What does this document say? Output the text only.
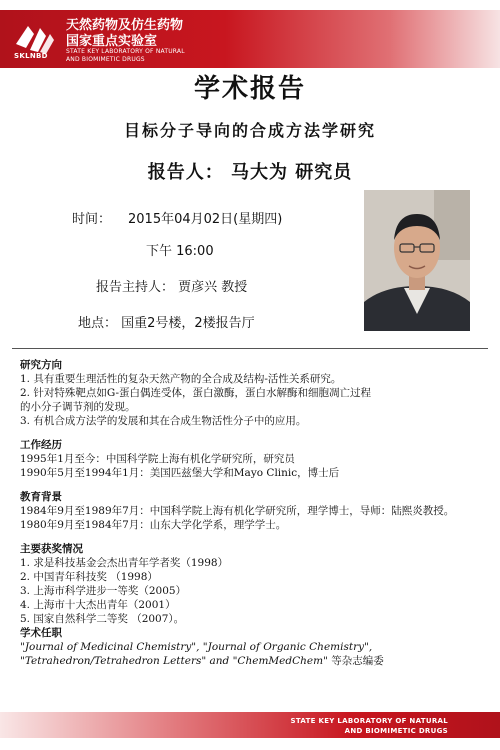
SKLNBD
天然药物及仿生药物
国家重点实验室
STATE KEY LABORATORY OF NATURAL
AND BIOMIMETIC DRUGS
学术报告
目标分子导向的合成方法学研究
报告人： 马大为 研究员
时间： 2015年04月02日(星期四)
下午 16:00
报告主持人： 贾彦兴 教授
地点： 国重2号楼，2楼报告厅
研究方向
1. 具有重要生理活性的复杂天然产物的全合成及结构-活性关系研究。
2. 针对特殊靶点如G-蛋白偶连受体，蛋白激酶，蛋白水解酶和细胞凋亡过程
的小分子调节剂的发现。
3. 有机合成方法学的发展和其在合成生物活性分子中的应用。
工作经历
1995年1月至今：中国科学院上海有机化学研究所，研究员
1990年5月至1994年1月：美国匹兹堡大学和Mayo Clinic，博士后
教育背景
1984年9月至1989年7月：中国科学院上海有机化学研究所，理学博士，导师：陆熙炎教授。
1980年9月至1984年7月：山东大学化学系，理学学士。
主要获奖情况
1. 求是科技基金会杰出青年学者奖（1998）
2. 中国青年科技奖 （1998）
3. 上海市科学进步一等奖（2005）
4. 上海市十大杰出青年（2001）
5. 国家自然科学二等奖 （2007）。
学术任职
"Journal of Medicinal Chemistry", "Journal of Organic Chemistry",
"Tetrahedron/Tetrahedron Letters" and "ChemMedChem" 等杂志编委
STATE KEY LABORATORY OF NATURAL
AND BIOMIMETIC DRUGS
